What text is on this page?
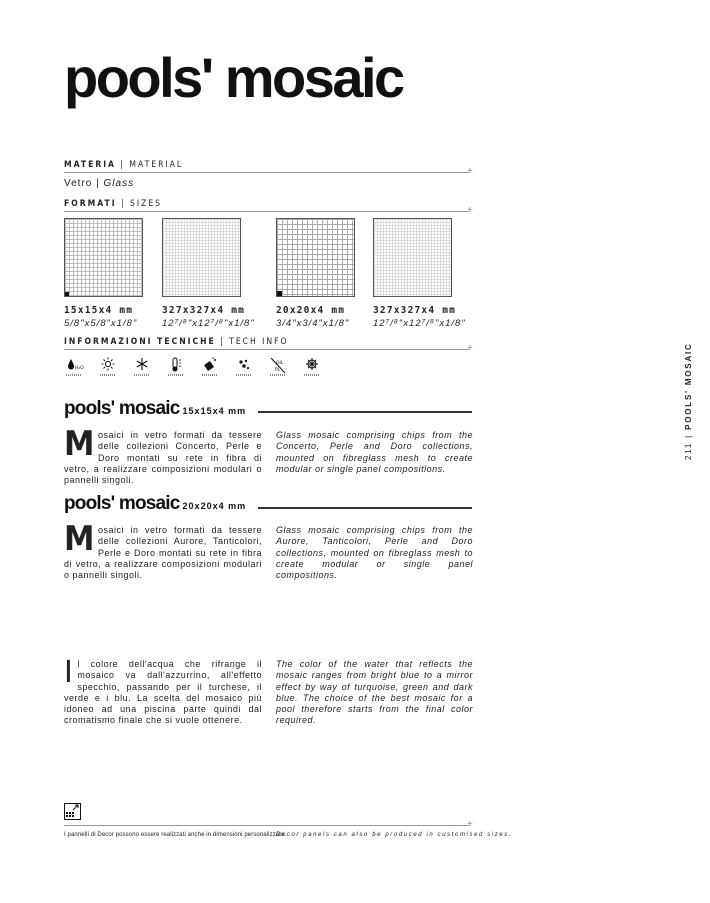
pools' mosaic
MATERIA | MATERIAL
+
Vetro | Glass
FORMATI | SIZES
+
15x15x4 mm
5/8"x5/8"x1/8"
327x327x4 mm
12⁷/⁸"x12⁷/⁸"x1/8"
20x20x4 mm
3/4"x3/4"x1/8"
327x327x4 mm
12⁷/⁸"x12⁷/⁸"x1/8"
INFORMAZIONI TECNICHE | TECH INFO
+
H₂O
OIL
PL
pools' mosaic 15x15x4 mm
Mosaici in vetro formati da tessere delle collezioni Concerto, Perle e Doro montati su rete in fibra di vetro, a realizzare composizioni modulari o pannelli singoli.
Glass mosaic comprising chips from the Concerto, Perle and Doro collections, mounted on fibreglass mesh to create modular or single panel compositions.
pools' mosaic 20x20x4 mm
Mosaici in vetro formati da tessere delle collezioni Aurore, Tanticolori, Perle e Doro montati su rete in fibra di vetro, a realizzare composizioni modulari o pannelli singoli.
Glass mosaic comprising chips from the Aurore, Tanticolori, Perle and Doro collections, mounted on fibreglass mesh to create modular or single panel compositions.
Il colore dell'acqua che rifrange il mosaico va dall'azzurrino, all'effetto specchio, passando per il turchese, il verde e i blu. La scelta del mosaico più idoneo ad una piscina parte quindi dal cromatismo finale che si vuole ottenere.
The color of the water that reflects the mosaic ranges from bright blue to a mirror effect by way of turquoise, green and dark blue. The choice of the best mosaic for a pool therefore starts from the final color required.
+
I pannelli di Decor possono essere realizzati anche in dimensioni personalizzate.
Decor panels can also be produced in customised sizes.
211 | POOLS' MOSAIC
